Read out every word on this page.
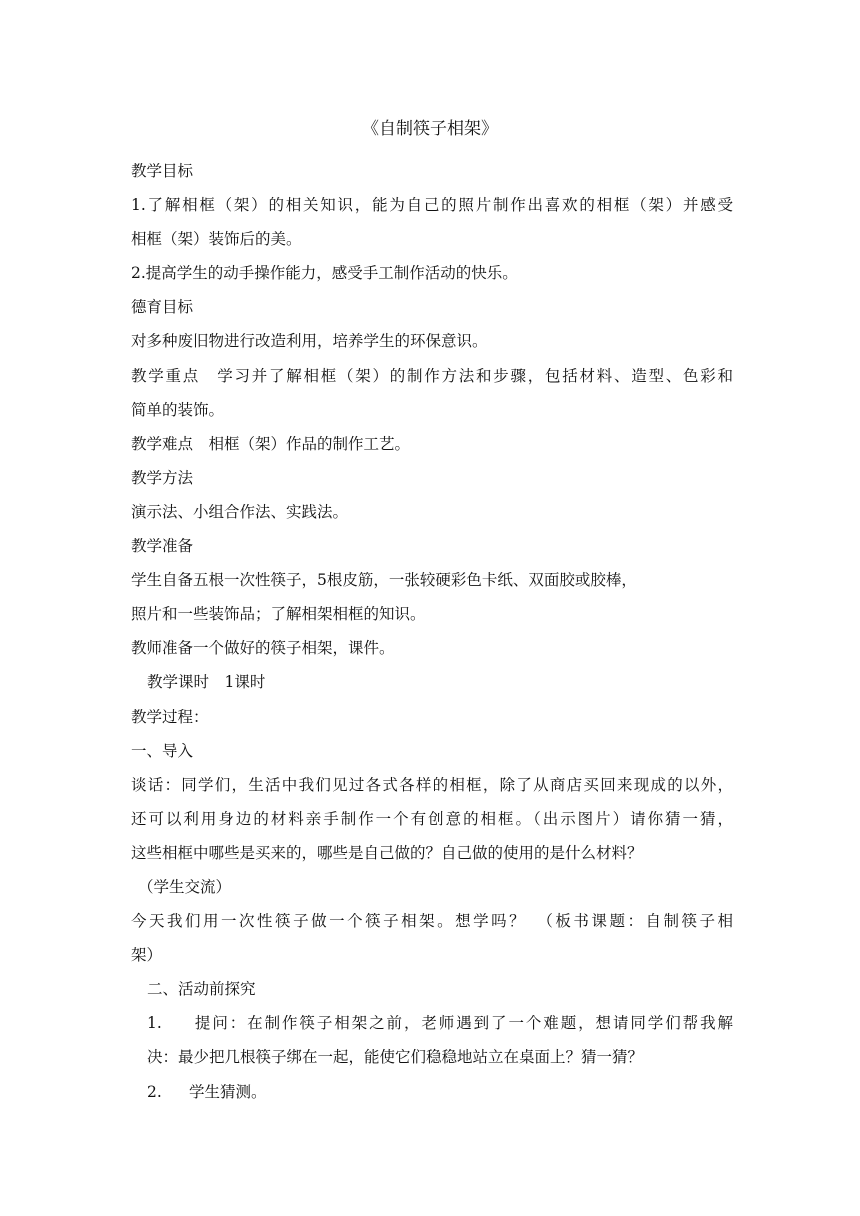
《自制筷子相架》
教学目标
1.了解相框（架）的相关知识，能为自己的照片制作出喜欢的相框（架）并感受
相框（架）装饰后的美。
2.提高学生的动手操作能力，感受手工制作活动的快乐。
德育目标
对多种废旧物进行改造利用，培养学生的环保意识。
教学重点　学习并了解相框（架）的制作方法和步骤，包括材料、造型、色彩和
简单的装饰。
教学难点　相框（架）作品的制作工艺。
教学方法
演示法、小组合作法、实践法。
教学准备
学生自备五根一次性筷子，5根皮筋，一张较硬彩色卡纸、双面胶或胶棒，
照片和一些装饰品；了解相架相框的知识。
教师准备一个做好的筷子相架，课件。
教学课时　1课时
教学过程：
一、导入
谈话：同学们，生活中我们见过各式各样的相框，除了从商店买回来现成的以外，
还可以利用身边的材料亲手制作一个有创意的相框。（出示图片）请你猜一猜，
这些相框中哪些是买来的，哪些是自己做的？自己做的使用的是什么材料？
（学生交流）
今天我们用一次性筷子做一个筷子相架。想学吗？　（板书课题：自制筷子相
架）
二、活动前探究
1. 提问：在制作筷子相架之前，老师遇到了一个难题，想请同学们帮我解
决：最少把几根筷子绑在一起，能使它们稳稳地站立在桌面上？猜一猜？
2. 学生猜测。
